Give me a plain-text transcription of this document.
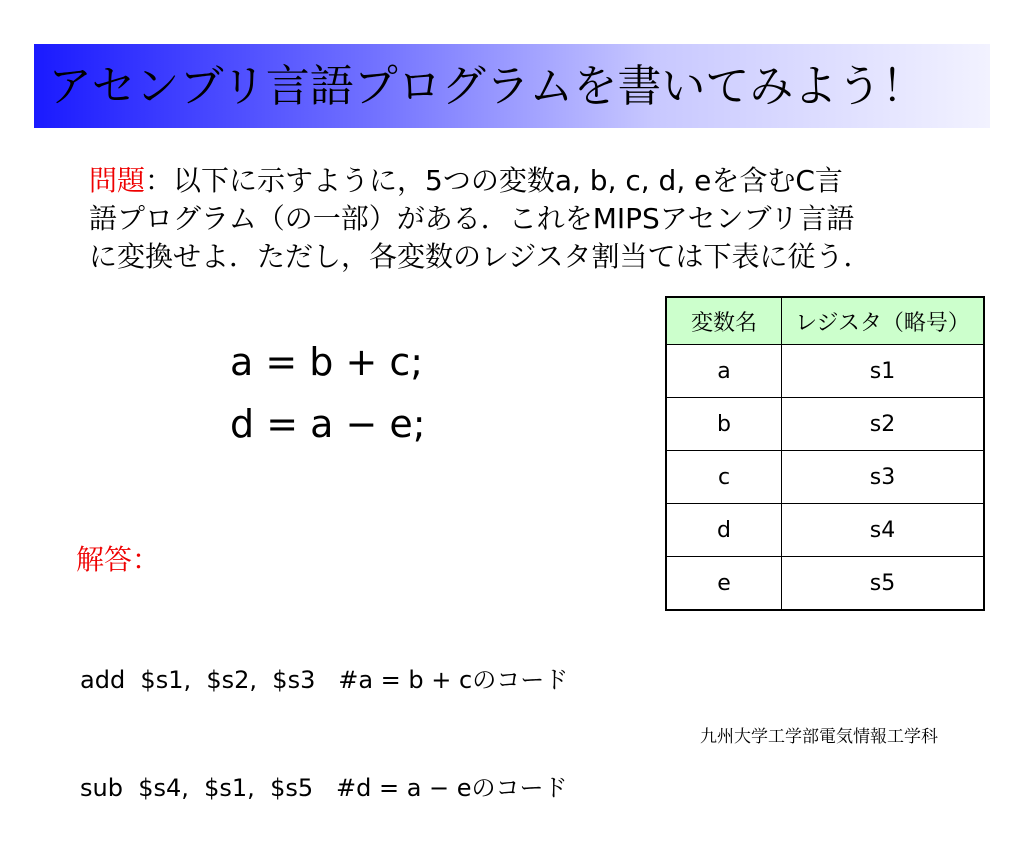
アセンブリ言語プログラムを書いてみよう！
問題：以下に示すように，5つの変数a, b, c, d, eを含むC言
語プログラム（の一部）がある．これをMIPSアセンブリ言語
に変換せよ．ただし，各変数のレジスタ割当ては下表に従う．
a = b + c;
d = a − e;
変数名	レジスタ（略号）
a	s1
b	s2
c	s3
d	s4
e	s5
解答：

add  $s1,  $s2,  $s3   #a = b + cのコード

sub  $s4,  $s1,  $s5   #d = a − eのコード

九州大学工学部電気情報工学科
